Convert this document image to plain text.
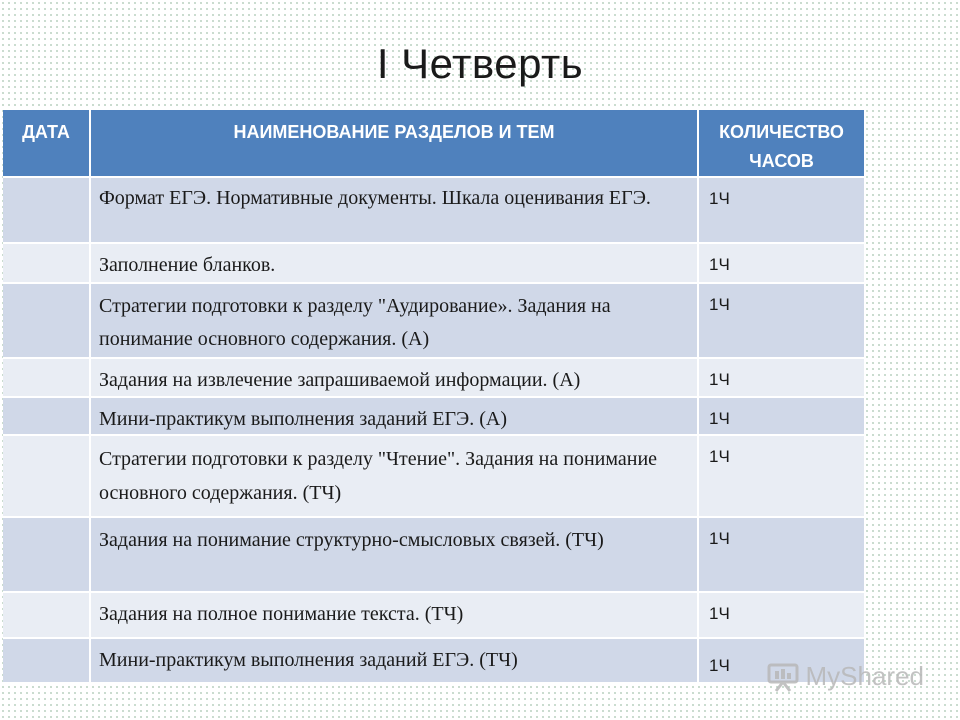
I Четверть
ДАТА	НАИМЕНОВАНИЕ РАЗДЕЛОВ И ТЕМ	КОЛИЧЕСТВО ЧАСОВ
	Формат ЕГЭ. Нормативные документы. Шкала оценивания ЕГЭ.	1Ч
	Заполнение бланков.	1Ч
	Стратегии подготовки к разделу "Аудирование». Задания на понимание основного содержания. (А)	1Ч
	Задания на извлечение запрашиваемой информации. (А)	1Ч
	Мини-практикум выполнения заданий ЕГЭ. (А)	1Ч
	Стратегии подготовки к разделу "Чтение". Задания на понимание основного содержания. (ТЧ)	1Ч
	Задания на понимание структурно-смысловых связей. (ТЧ)	1Ч
	Задания на полное понимание текста. (ТЧ)	1Ч
	Мини-практикум выполнения заданий ЕГЭ. (ТЧ)	1Ч	MyShared
